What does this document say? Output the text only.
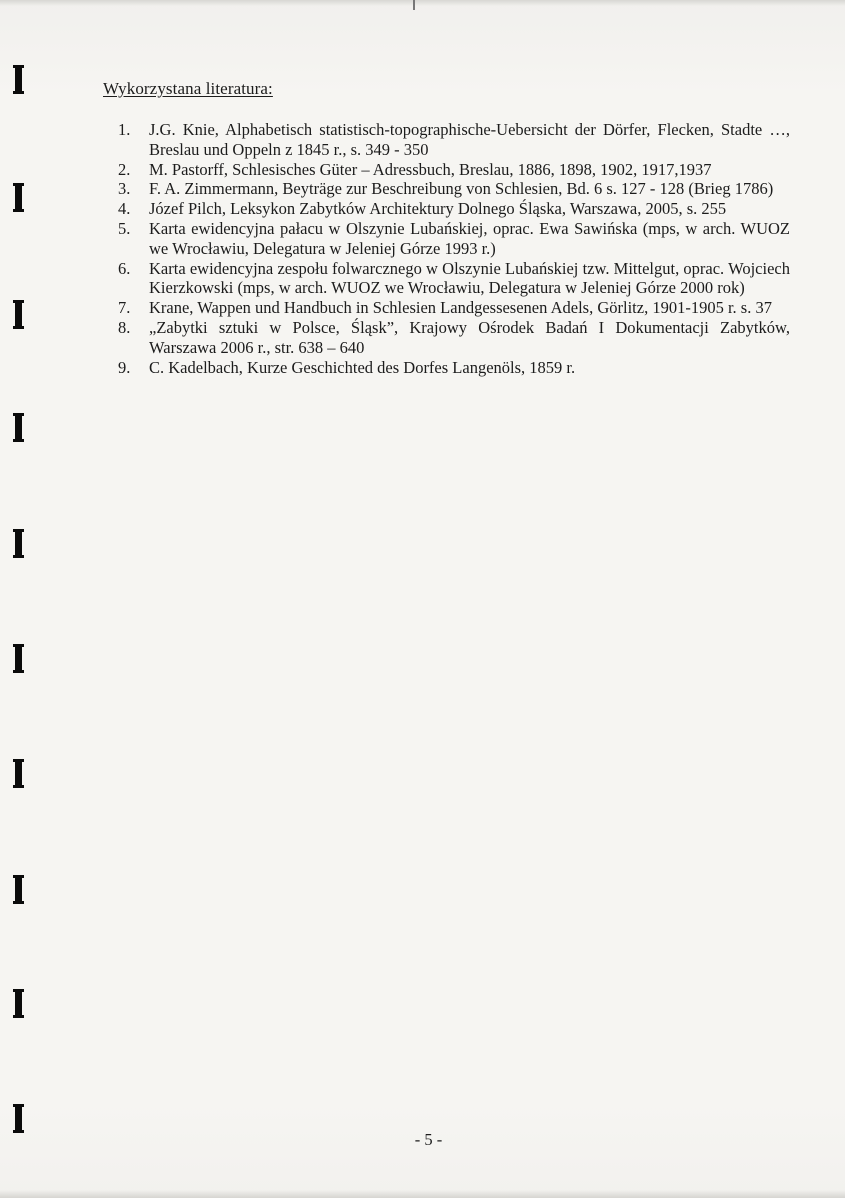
Wykorzystana literatura:
1. J.G. Knie, Alphabetisch statistisch-topographische-Uebersicht der Dörfer, Flecken, Stadte …, Breslau und Oppeln z 1845 r., s. 349 - 350
2. M. Pastorff, Schlesisches Güter – Adressbuch, Breslau, 1886, 1898, 1902, 1917,1937
3. F. A. Zimmermann, Beyträge zur Beschreibung von Schlesien, Bd. 6 s. 127 - 128 (Brieg 1786)
4. Józef Pilch, Leksykon Zabytków Architektury Dolnego Śląska, Warszawa, 2005, s. 255
5. Karta ewidencyjna pałacu w Olszynie Lubańskiej, oprac. Ewa Sawińska (mps, w arch. WUOZ we Wrocławiu, Delegatura w Jeleniej Górze 1993 r.)
6. Karta ewidencyjna zespołu folwarcznego w Olszynie Lubańskiej tzw. Mittelgut, oprac. Wojciech Kierzkowski (mps, w arch. WUOZ we Wrocławiu, Delegatura w Jeleniej Górze 2000 rok)
7. Krane, Wappen und Handbuch in Schlesien Landgessesenen Adels, Görlitz, 1901-1905 r. s. 37
8. „Zabytki sztuki w Polsce, Śląsk”, Krajowy Ośrodek Badań I Dokumentacji Zabytków, Warszawa 2006 r., str. 638 – 640
9. C. Kadelbach, Kurze Geschichted des Dorfes Langenöls, 1859 r.
- 5 -
